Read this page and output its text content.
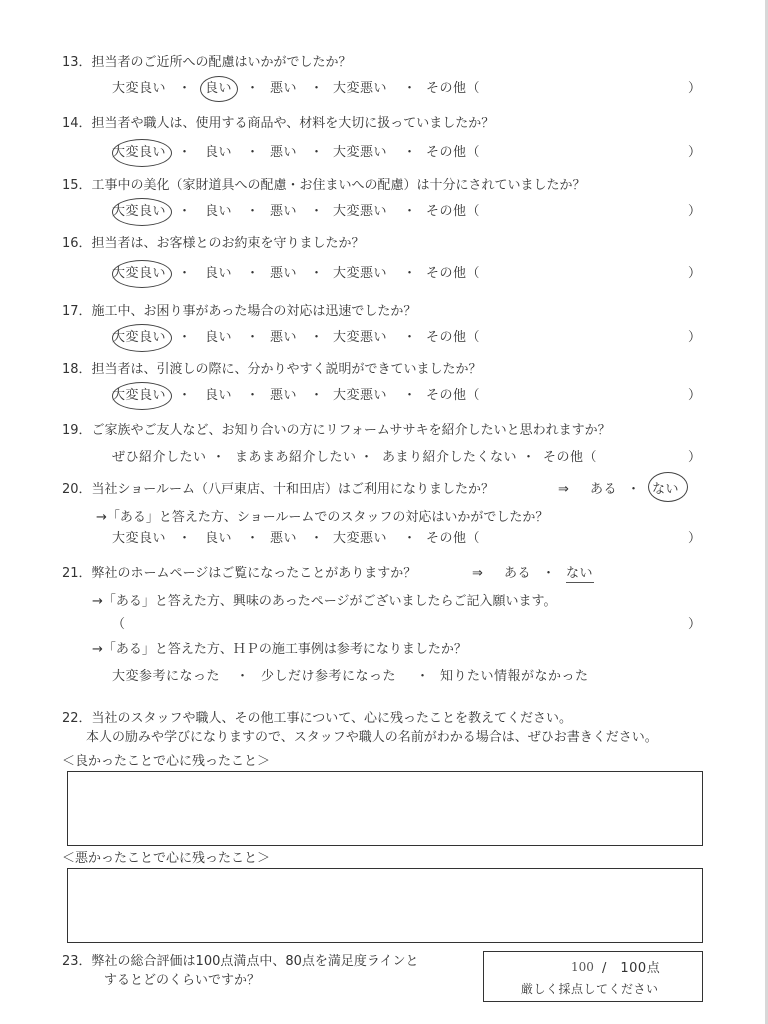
13．担当者のご近所への配慮はいかがでしたか？
大変良い ・ 良い ・ 悪い ・ 大変悪い ・ その他（	）
14．担当者や職人は、使用する商品や、材料を大切に扱っていましたか？
大変良い ・ 良い ・ 悪い ・ 大変悪い ・ その他（	）
15．工事中の美化（家財道具への配慮・お住まいへの配慮）は十分にされていましたか？
大変良い ・ 良い ・ 悪い ・ 大変悪い ・ その他（	）
16．担当者は、お客様とのお約束を守りましたか？
大変良い ・ 良い ・ 悪い ・ 大変悪い ・ その他（	）
17．施工中、お困り事があった場合の対応は迅速でしたか？
大変良い ・ 良い ・ 悪い ・ 大変悪い ・ その他（	）
18．担当者は、引渡しの際に、分かりやすく説明ができていましたか？
大変良い ・ 良い ・ 悪い ・ 大変悪い ・ その他（	）
19．ご家族やご友人など、お知り合いの方にリフォームササキを紹介したいと思われますか？
ぜひ紹介したい ・ まあまあ紹介したい ・ あまり紹介したくない ・ その他（	）
20．当社ショールーム（八戸東店、十和田店）はご利用になりましたか？	⇒ ある ・ ない
→「ある」と答えた方、ショールームでのスタッフの対応はいかがでしたか？
大変良い ・ 良い ・ 悪い ・ 大変悪い ・ その他（	）
21．弊社のホームページはご覧になったことがありますか？	⇒ ある ・ ない
→「ある」と答えた方、興味のあったページがございましたらご記入願います。
（	）
→「ある」と答えた方、ＨＰの施工事例は参考になりましたか？
大変参考になった ・ 少しだけ参考になった ・ 知りたい情報がなかった
22．当社のスタッフや職人、その他工事について、心に残ったことを教えてください。
本人の励みや学びになりますので、スタッフや職人の名前がわかる場合は、ぜひお書きください。
＜良かったことで心に残ったこと＞
＜悪かったことで心に残ったこと＞
23．弊社の総合評価は100点満点中、80点を満足度ラインと
するとどのくらいですか？
100 /　100点
厳しく採点してください
